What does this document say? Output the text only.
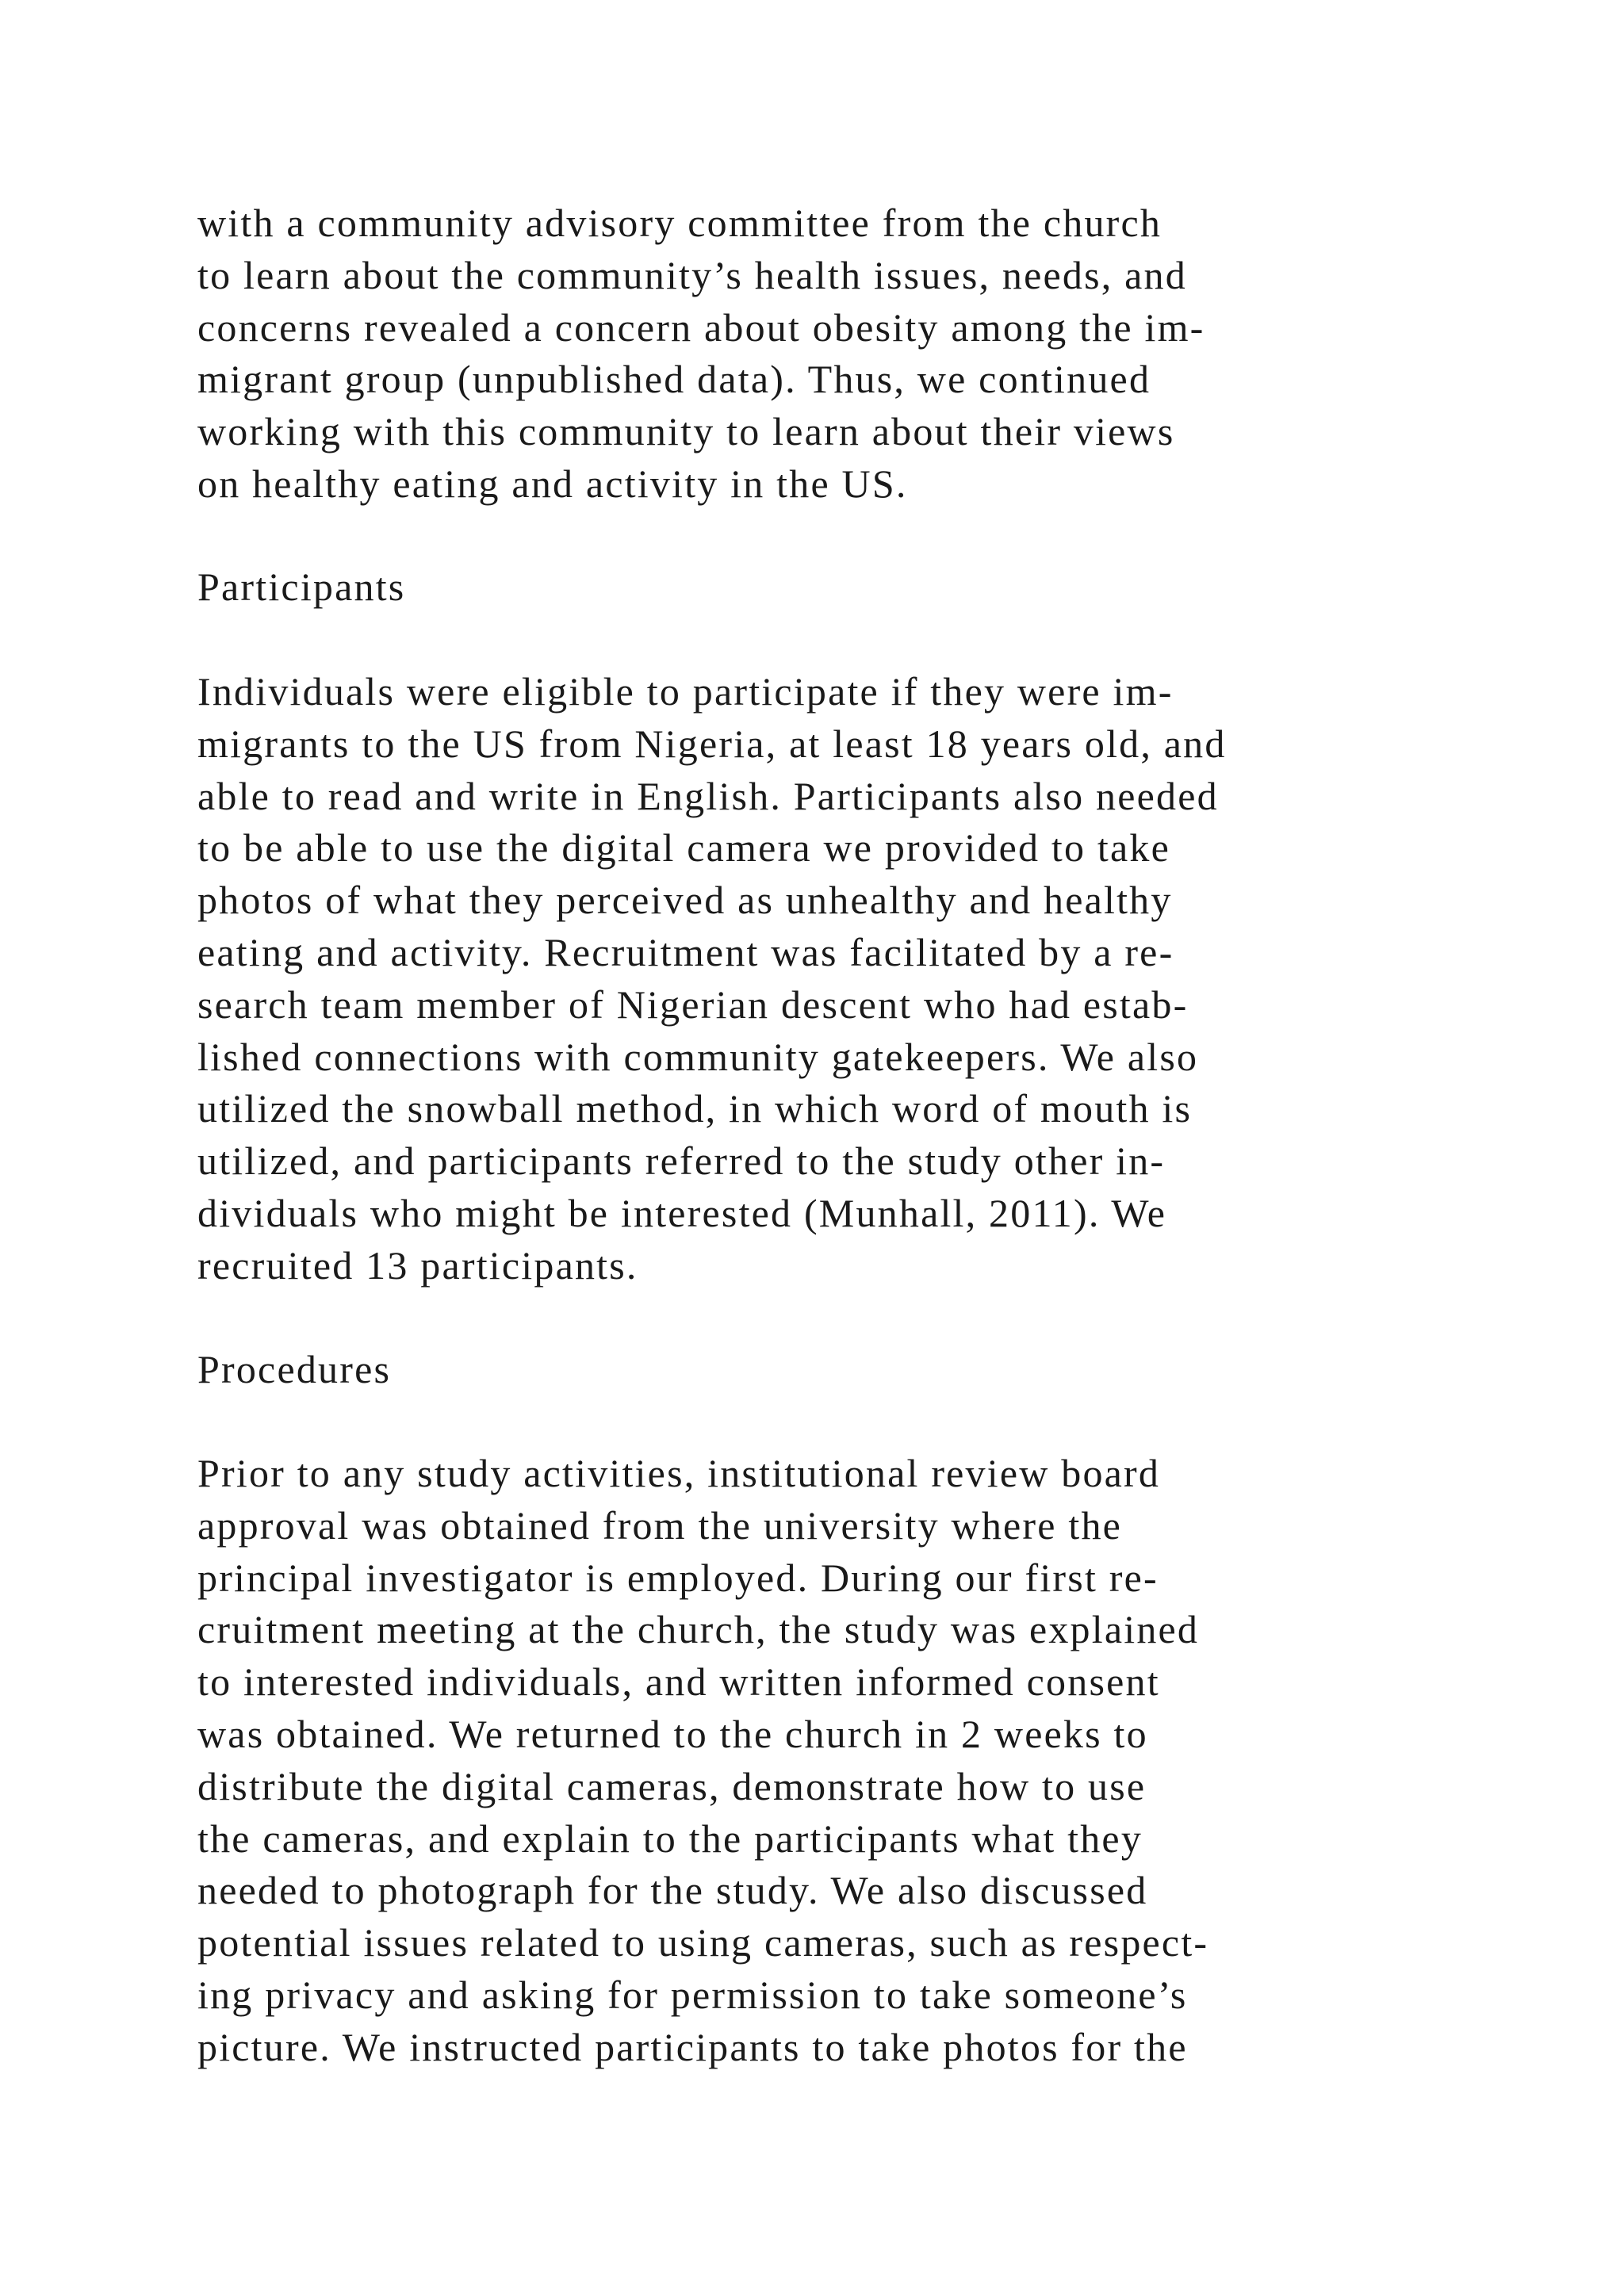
with a community advisory committee from the church
to learn about the community’s health issues, needs, and
concerns revealed a concern about obesity among the im-
migrant group (unpublished data). Thus, we continued
working with this community to learn about their views
on healthy eating and activity in the US.
Participants
Individuals were eligible to participate if they were im-
migrants to the US from Nigeria, at least 18 years old, and
able to read and write in English. Participants also needed
to be able to use the digital camera we provided to take
photos of what they perceived as unhealthy and healthy
eating and activity. Recruitment was facilitated by a re-
search team member of Nigerian descent who had estab-
lished connections with community gatekeepers. We also
utilized the snowball method, in which word of mouth is
utilized, and participants referred to the study other in-
dividuals who might be interested (Munhall, 2011). We
recruited 13 participants.
Procedures
Prior to any study activities, institutional review board
approval was obtained from the university where the
principal investigator is employed. During our first re-
cruitment meeting at the church, the study was explained
to interested individuals, and written informed consent
was obtained. We returned to the church in 2 weeks to
distribute the digital cameras, demonstrate how to use
the cameras, and explain to the participants what they
needed to photograph for the study. We also discussed
potential issues related to using cameras, such as respect-
ing privacy and asking for permission to take someone’s
picture. We instructed participants to take photos for the
